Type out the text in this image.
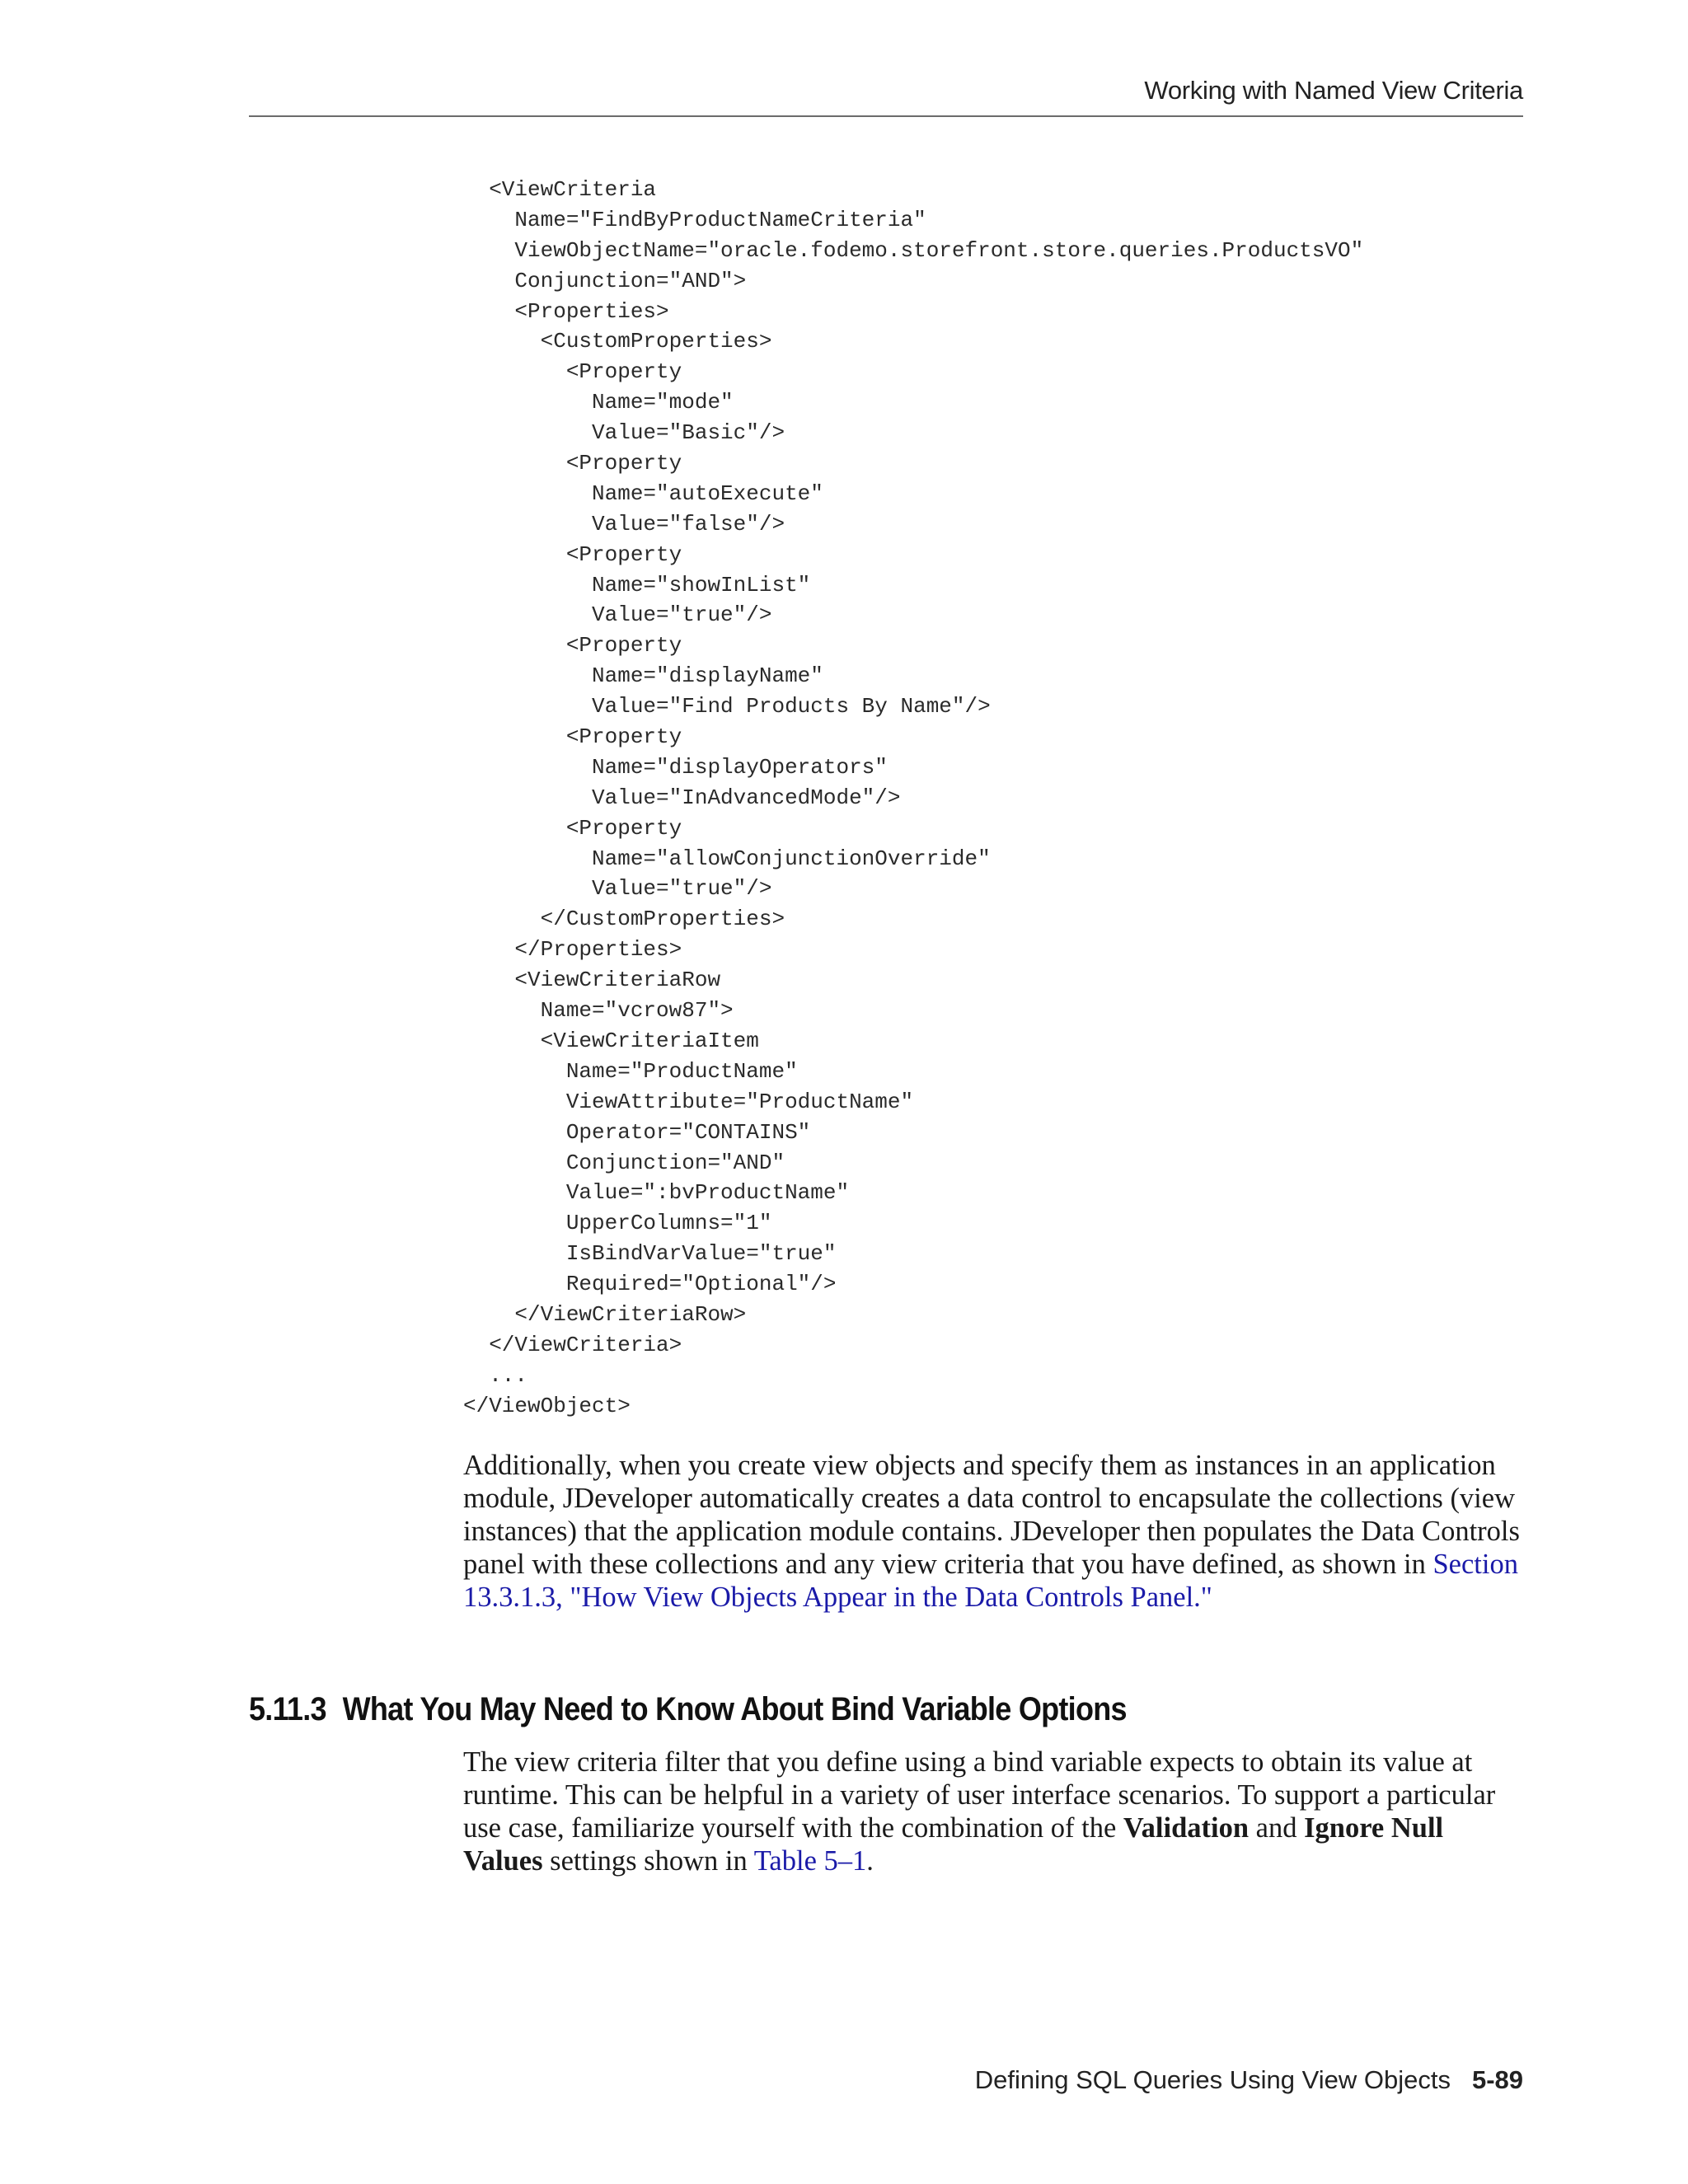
Working with Named View Criteria
<ViewCriteria
Name="FindByProductNameCriteria"
ViewObjectName="oracle.fodemo.storefront.store.queries.ProductsVO"
Conjunction="AND">
<Properties>
<CustomProperties>
<Property
Name="mode"
Value="Basic"/>
<Property
Name="autoExecute"
Value="false"/>
<Property
Name="showInList"
Value="true"/>
<Property
Name="displayName"
Value="Find Products By Name"/>
<Property
Name="displayOperators"
Value="InAdvancedMode"/>
<Property
Name="allowConjunctionOverride"
Value="true"/>
</CustomProperties>
</Properties>
<ViewCriteriaRow
Name="vcrow87">
<ViewCriteriaItem
Name="ProductName"
ViewAttribute="ProductName"
Operator="CONTAINS"
Conjunction="AND"
Value=":bvProductName"
UpperColumns="1"
IsBindVarValue="true"
Required="Optional"/>
</ViewCriteriaRow>
</ViewCriteria>
...
</ViewObject>

Additionally, when you create view objects and specify them as instances in an application module, JDeveloper automatically creates a data control to encapsulate the collections (view instances) that the application module contains. JDeveloper then populates the Data Controls panel with these collections and any view criteria that you have defined, as shown in Section 13.3.1.3, "How View Objects Appear in the Data Controls Panel."

5.11.3 What You May Need to Know About Bind Variable Options

The view criteria filter that you define using a bind variable expects to obtain its value at runtime. This can be helpful in a variety of user interface scenarios. To support a particular use case, familiarize yourself with the combination of the Validation and Ignore Null Values settings shown in Table 5–1.

Defining SQL Queries Using View Objects 5-89
